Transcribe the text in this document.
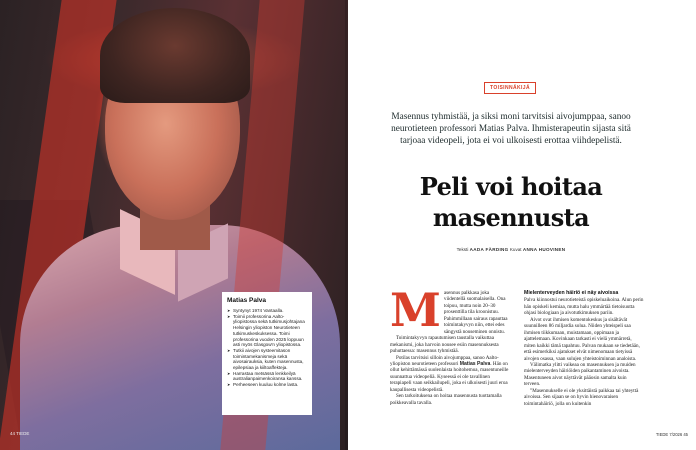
Matias Palva
➤ Syntynyt 1974 Vantaalla.
➤ Toimii professorina Aalto-yliopistossa sekä tutkimusjohtajana Helsingin yliopiston Neurotieteen tutkimuskeskuksessa. Toimi professorina vuoden 2025 loppuun asti myös Glasgow'n yliopistossa.
➤ Tutkii aivojen systeemitason toimintamekanismeja sekä aivosairauksia, kuten masennusta, epilepsiaa ja kiiltoaffekteja.
➤ Harrastaa metsässä lenkkeilyä australianpaimenkoiransa kanssa.
➤ Perheeseen kuuluu kolme lasta.
44 TIEDE
TOISINNÄKIJÄ
Masennus tyhmistää, ja siksi moni tarvitsisi aivojumppaa, sanoo neurotieteen professori Matias Palva. Ihmisterapeutin sijasta sitä tarjoaa videopeli, jota ei voi ulkoisesti erottaa viihdepelistä.
Peli voi hoitaa
masennusta
Teksti AADA FÄRDING Kuvat ANNA HUOVINEN
M asennus palkkasa joka viidentellä suomalaisella. Ona toipuu, mutta noin 20–30 prosenttilla tila kroonistuu. Pahimmillaan sairaus rapauttaa toimintakyvyn niin, ettei edes sängystä nouseminen onnistu.

Toimintakyvyn rapautumisen taustalla vaikuttaa mekanismi, joka harvoin nousee esiin masennuksesta puhuttaessa: masennus tyhmistää.

Potilas tarvitsisi silloin aivojumppaa, sanoo Aalto-yliopiston neurotieteen professori Matias Palva. Hän on ollut kehittämässä suolenlaista hoitohemoa, masentuneille suunnattua videopeliä. Kyseessä ei ole tavallinen terapiapeli vaan seikkailupeli, joka ei ulkoisesti juuri eroa kaupallisesta videopelistä.

Sen tarkoituksena on hoitaa masennusta tuottamalla poikkeavalla tavalla.

Mielenterveyden häiriö ei näy aivoissa

Palva kiinnostui neurotieteistä opiskeluaikoina. Alun perin hän opiskeli kemiaa, mutta halu ymmärtää tietoisuutta ohjasi biologiaan ja aivotutkimuksen pariin.

Aivot ovat ihmisen komentokeskus ja sisältävät suunnilleen 86 miljardia solua. Niiden yhteispeli saa ihmisen tiikkumaan, muistamaan, oppimaan ja ajattelemaan. Kovinkaan tarkasti ei vielä ymmärretä, miten kaikki tämä tapahtuu. Palvan mukaan se tiedetään, että esimerkiksi ajatukset elvät nimenomaan tietyissä aivojen osassa, vaan solujen yhteistoiminnan analoista.

Välimatka ylitti vaikeaa on masennuksen ja muiden mielenterveyden häiriöiden paikantaminen aivoista. Masentuneen aivot näyttävät pääosin samalta kuin terveen.

”Masennukselle ei ole yksittäistä paikkaa tai yhteyttä aivoissa. Sen sijaan se on hyvin hienovaraisen toimintahäiriö, jolla on kuitenkin

TIEDE 7/2026 45
